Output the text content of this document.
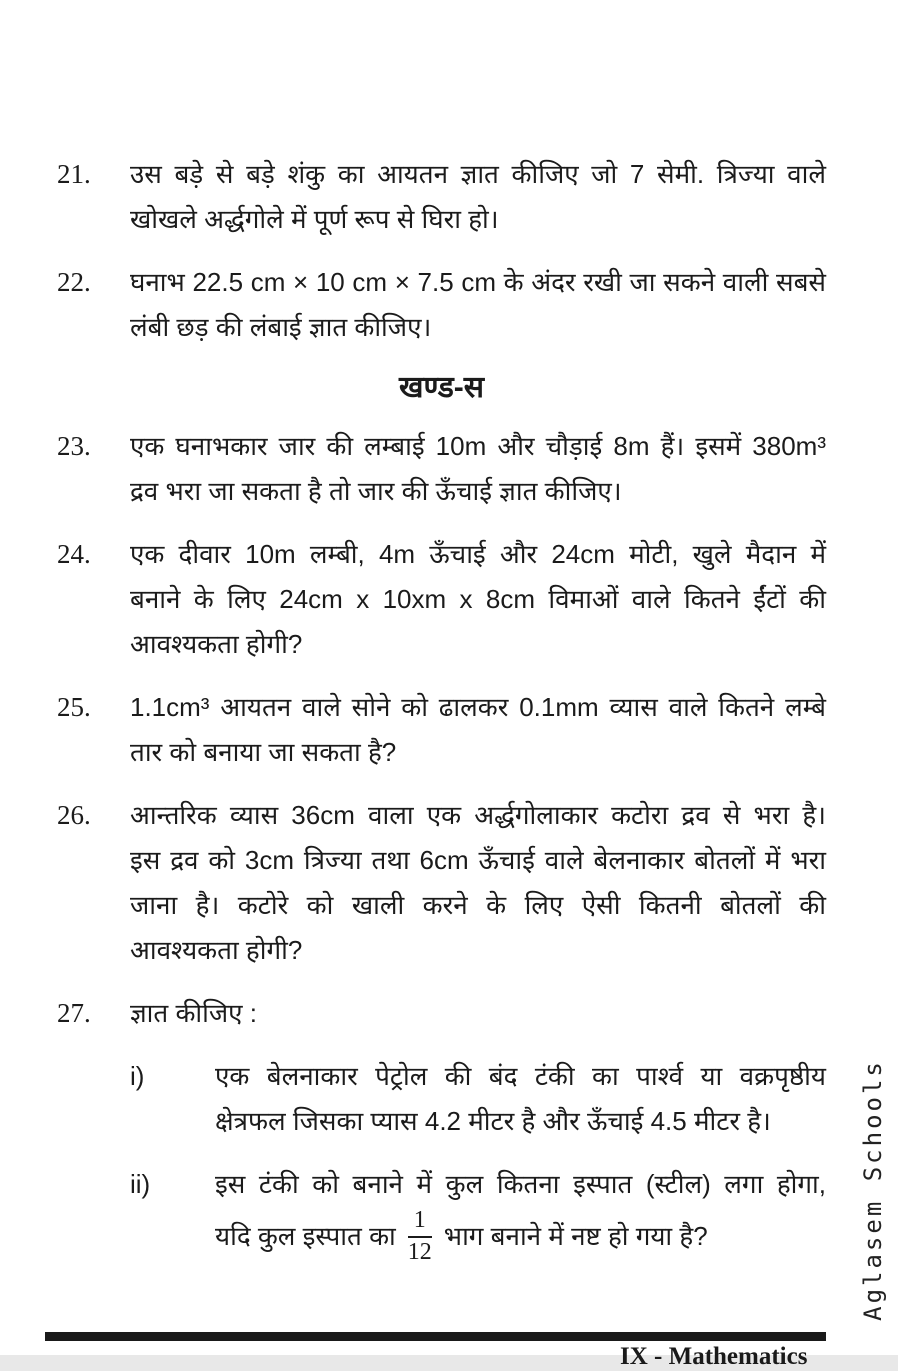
21.	उस बड़े से बड़े शंकु का आयतन ज्ञात कीजिए जो 7 सेमी. त्रिज्या वाले
खोखले अर्द्धगोले में पूर्ण रूप से घिरा हो।
22.	घनाभ 22.5 cm × 10 cm × 7.5 cm के अंदर रखी जा सकने वाली सबसे
लंबी छड़ की लंबाई ज्ञात कीजिए।
खण्ड-स
23.	एक घनाभकार जार की लम्बाई 10m और चौड़ाई 8m हैं। इसमें 380m³
द्रव भरा जा सकता है तो जार की ऊँचाई ज्ञात कीजिए।
24.	एक दीवार 10m लम्बी, 4m ऊँचाई और 24cm मोटी, खुले मैदान में
बनाने के लिए 24cm x 10xm x 8cm विमाओं वाले कितने ईंटों की
आवश्यकता होगी?
25.	1.1cm³ आयतन वाले सोने को ढालकर 0.1mm व्यास वाले कितने लम्बे
तार को बनाया जा सकता है?
26.	आन्तरिक व्यास 36cm वाला एक अर्द्धगोलाकार कटोरा द्रव से भरा है।
इस द्रव को 3cm त्रिज्या तथा 6cm ऊँचाई वाले बेलनाकार बोतलों में भरा
जाना है। कटोरे को खाली करने के लिए ऐसी कितनी बोतलों की
आवश्यकता होगी?
27.	ज्ञात कीजिए :
i)	एक बेलनाकार पेट्रोल की बंद टंकी का पार्श्व या वक्रपृष्ठीय
क्षेत्रफल जिसका प्यास 4.2 मीटर है और ऊँचाई 4.5 मीटर है।
ii)	इस टंकी को बनाने में कुल कितना इस्पात (स्टील) लगा होगा,
यदि कुल इस्पात का $\frac{1}{12}$ भाग बनाने में नष्ट हो गया है?	Aglasem Schools
IX - Mathematics
